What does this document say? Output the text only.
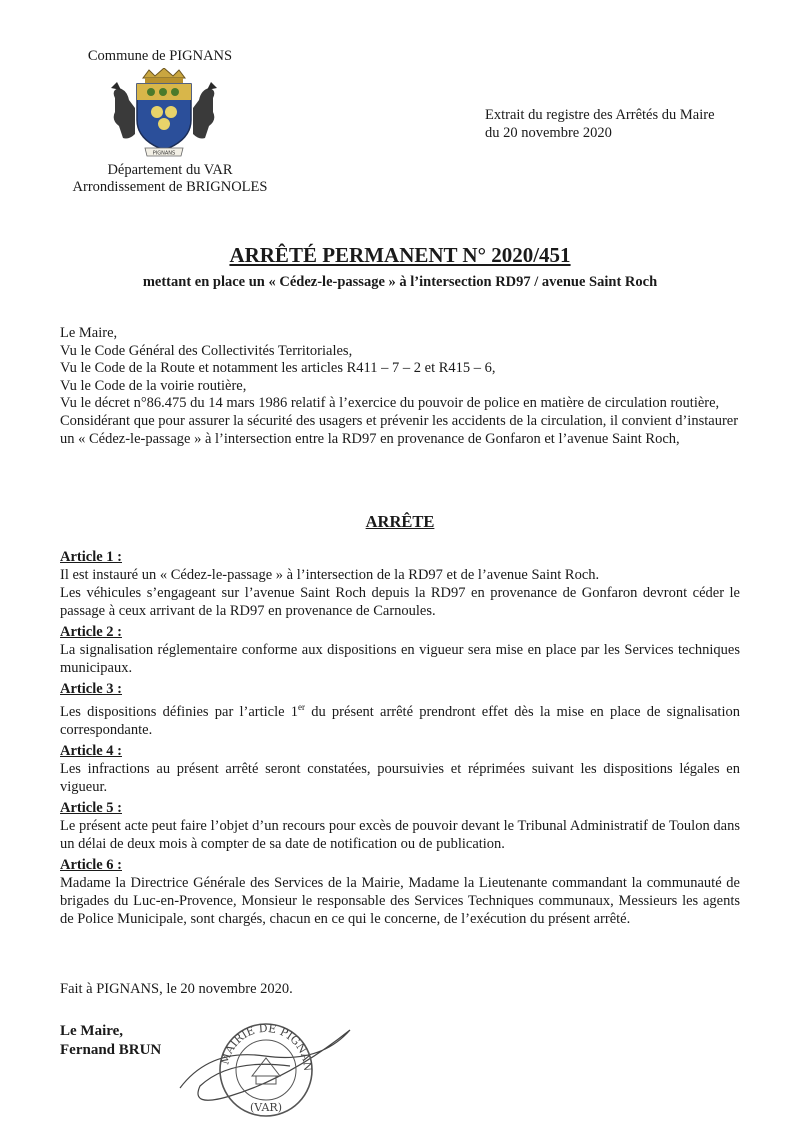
Commune de PIGNANS
PIGNANS
Département du VAR
Arrondissement de BRIGNOLES
Extrait du registre des Arrêtés du Maire
du 20 novembre 2020
ARRÊTÉ PERMANENT N° 2020/451
mettant en place un « Cédez-le-passage » à l’intersection RD97 / avenue Saint Roch

Le Maire,

Vu le Code Général des Collectivités Territoriales,

Vu le Code de la Route et notamment les articles R411 – 7 – 2 et R415 – 6,

Vu le Code de la voirie routière,

Vu le décret n°86.475 du 14 mars 1986 relatif à l’exercice du pouvoir de police en matière de circulation routière,

Considérant que pour assurer la sécurité des usagers et prévenir les accidents de la circulation, il convient d’instaurer un « Cédez-le-passage » à l’intersection entre la RD97 en provenance de Gonfaron et l’avenue Saint Roch,

ARRÊTE
Article 1 :

Il est instauré un « Cédez-le-passage » à l’intersection de la RD97 et de l’avenue Saint Roch.

Les véhicules s’engageant sur l’avenue Saint Roch depuis la RD97 en provenance de Gonfaron devront céder le passage à ceux arrivant de la RD97 en provenance de Carnoules.

Article 2 :

La signalisation réglementaire conforme aux dispositions en vigueur sera mise en place par les Services techniques municipaux.

Article 3 :

Les dispositions définies par l’article 1er du présent arrêté prendront effet dès la mise en place de signalisation correspondante.

Article 4 :

Les infractions au présent arrêté seront constatées, poursuivies et réprimées suivant les dispositions légales en vigueur.

Article 5 :

Le présent acte peut faire l’objet d’un recours pour excès de pouvoir devant le Tribunal Administratif de Toulon dans un délai de deux mois à compter de sa date de notification ou de publication.

Article 6 :

Madame la Directrice Générale des Services de la Mairie, Madame la Lieutenante commandant la communauté de brigades du Luc-en-Provence, Monsieur le responsable des Services Techniques communaux, Messieurs les agents de Police Municipale, sont chargés, chacun en ce qui le concerne, de l’exécution du présent arrêté.

Fait à PIGNANS, le 20 novembre 2020.
Le Maire,
Fernand BRUN
MAIRIE DE PIGNAN
(VAR)
